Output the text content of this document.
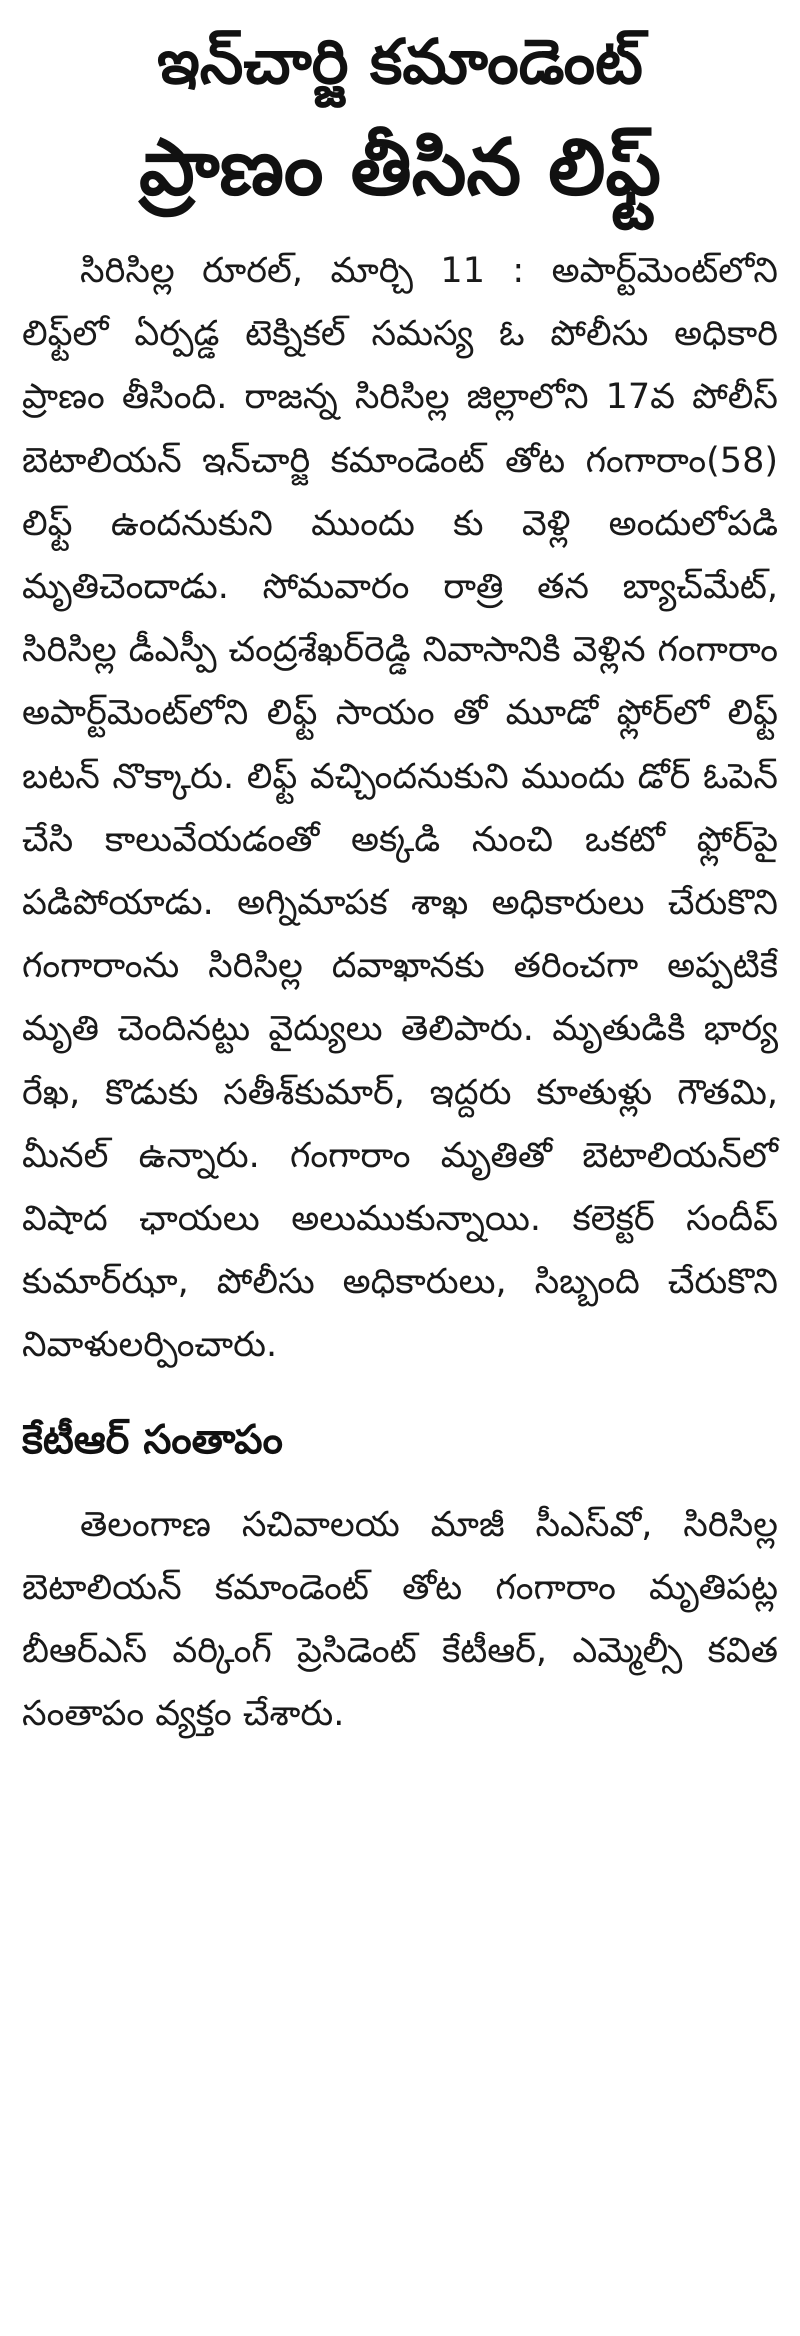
ఇన్‌చార్జి కమాండెంట్
ప్రాణం తీసిన లిఫ్ట్

సిరిసిల్ల రూరల్, మార్చి 11 : అపార్ట్‌మెంట్‌లోని లిఫ్ట్‌లో ఏర్పడ్డ టెక్నికల్ సమస్య ఓ పోలీసు అధికారి ప్రాణం తీసింది. రాజన్న సిరిసిల్ల జిల్లాలోని 17వ పోలీస్ బెటాలియన్ ఇన్‌చార్జి కమాండెంట్ తోట గంగారాం(58) లిఫ్ట్ ఉందనుకుని ముందు కు వెళ్లి అందులోపడి మృతిచెందాడు. సోమవారం రాత్రి తన బ్యాచ్‌మేట్, సిరిసిల్ల డీఎస్పీ చంద్రశేఖర్‌రెడ్డి నివాసానికి వెళ్లిన గంగారాం అపార్ట్‌మెంట్‌లోని లిఫ్ట్ సాయం తో మూడో ఫ్లోర్‌లో లిఫ్ట్ బటన్ నొక్కారు. లిఫ్ట్ వచ్చిందనుకుని ముందు డోర్ ఓపెన్ చేసి కాలువేయడంతో అక్కడి నుంచి ఒకటో ఫ్లోర్‌పై పడిపోయాడు. అగ్నిమాపక శాఖ అధికారులు చేరుకొని గంగారాంను సిరిసిల్ల దవాఖానకు తరించగా అప్పటికే మృతి చెందినట్టు వైద్యులు తెలిపారు. మృతుడికి భార్య రేఖ, కొడుకు సతీశ్‌కుమార్, ఇద్దరు కూతుళ్లు గౌతమి, మీనల్ ఉన్నారు. గంగారాం మృతితో బెటాలియన్‌లో విషాద ఛాయలు అలుముకున్నాయి. కలెక్టర్ సందీప్ కుమార్‌ఝా, పోలీసు అధికారులు, సిబ్బంది చేరుకొని నివాళులర్పించారు.

కేటీఆర్ సంతాపం

తెలంగాణ సచివాలయ మాజీ సీఎస్‌వో, సిరిసిల్ల బెటాలియన్ కమాండెంట్ తోట గంగారాం మృతిపట్ల బీఆర్‌ఎస్ వర్కింగ్ ప్రెసిడెంట్ కేటీఆర్, ఎమ్మెల్సీ కవిత సంతాపం వ్యక్తం చేశారు.
